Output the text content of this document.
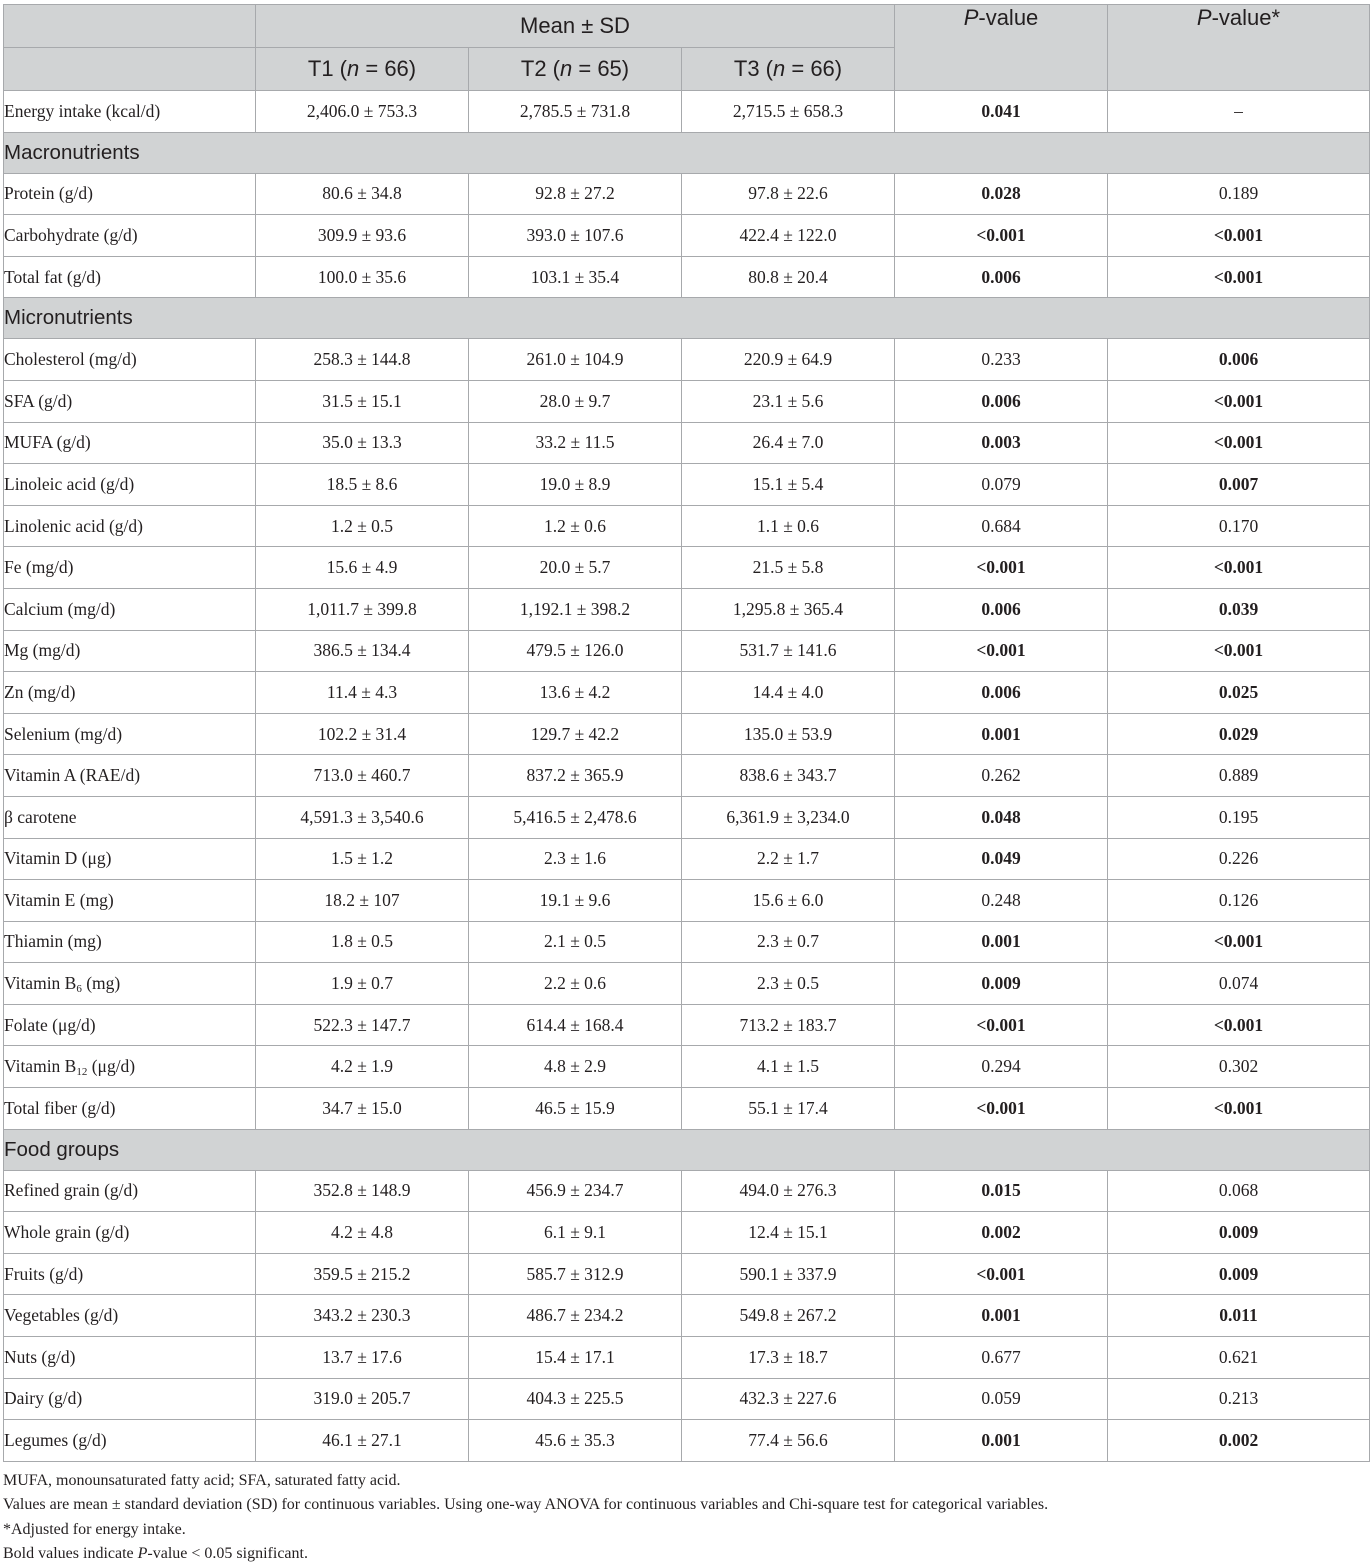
	Mean ± SD			P-value	P-value*
	T1 (n = 66)	T2 (n = 65)	T3 (n = 66)		
Energy intake (kcal/d)	2,406.0 ± 753.3	2,785.5 ± 731.8	2,715.5 ± 658.3	0.041	–
Macronutrients					
Protein (g/d)	80.6 ± 34.8	92.8 ± 27.2	97.8 ± 22.6	0.028	0.189
Carbohydrate (g/d)	309.9 ± 93.6	393.0 ± 107.6	422.4 ± 122.0	<0.001	<0.001
Total fat (g/d)	100.0 ± 35.6	103.1 ± 35.4	80.8 ± 20.4	0.006	<0.001
Micronutrients					
Cholesterol (mg/d)	258.3 ± 144.8	261.0 ± 104.9	220.9 ± 64.9	0.233	0.006
SFA (g/d)	31.5 ± 15.1	28.0 ± 9.7	23.1 ± 5.6	0.006	<0.001
MUFA (g/d)	35.0 ± 13.3	33.2 ± 11.5	26.4 ± 7.0	0.003	<0.001
Linoleic acid (g/d)	18.5 ± 8.6	19.0 ± 8.9	15.1 ± 5.4	0.079	0.007
Linolenic acid (g/d)	1.2 ± 0.5	1.2 ± 0.6	1.1 ± 0.6	0.684	0.170
Fe (mg/d)	15.6 ± 4.9	20.0 ± 5.7	21.5 ± 5.8	<0.001	<0.001
Calcium (mg/d)	1,011.7 ± 399.8	1,192.1 ± 398.2	1,295.8 ± 365.4	0.006	0.039
Mg (mg/d)	386.5 ± 134.4	479.5 ± 126.0	531.7 ± 141.6	<0.001	<0.001
Zn (mg/d)	11.4 ± 4.3	13.6 ± 4.2	14.4 ± 4.0	0.006	0.025
Selenium (mg/d)	102.2 ± 31.4	129.7 ± 42.2	135.0 ± 53.9	0.001	0.029
Vitamin A (RAE/d)	713.0 ± 460.7	837.2 ± 365.9	838.6 ± 343.7	0.262	0.889
β carotene	4,591.3 ± 3,540.6	5,416.5 ± 2,478.6	6,361.9 ± 3,234.0	0.048	0.195
Vitamin D (μg)	1.5 ± 1.2	2.3 ± 1.6	2.2 ± 1.7	0.049	0.226
Vitamin E (mg)	18.2 ± 107	19.1 ± 9.6	15.6 ± 6.0	0.248	0.126
Thiamin (mg)	1.8 ± 0.5	2.1 ± 0.5	2.3 ± 0.7	0.001	<0.001
Vitamin $B_6$ (mg)	1.9 ± 0.7	2.2 ± 0.6	2.3 ± 0.5	0.009	0.074
Folate (μg/d)	522.3 ± 147.7	614.4 ± 168.4	713.2 ± 183.7	<0.001	<0.001
Vitamin $B_{12}$ (μg/d)	4.2 ± 1.9	4.8 ± 2.9	4.1 ± 1.5	0.294	0.302
Total fiber (g/d)	34.7 ± 15.0	46.5 ± 15.9	55.1 ± 17.4	<0.001	<0.001
Food groups					
Refined grain (g/d)	352.8 ± 148.9	456.9 ± 234.7	494.0 ± 276.3	0.015	0.068
Whole grain (g/d)	4.2 ± 4.8	6.1 ± 9.1	12.4 ± 15.1	0.002	0.009
Fruits (g/d)	359.5 ± 215.2	585.7 ± 312.9	590.1 ± 337.9	<0.001	0.009
Vegetables (g/d)	343.2 ± 230.3	486.7 ± 234.2	549.8 ± 267.2	0.001	0.011
Nuts (g/d)	13.7 ± 17.6	15.4 ± 17.1	17.3 ± 18.7	0.677	0.621
Dairy (g/d)	319.0 ± 205.7	404.3 ± 225.5	432.3 ± 227.6	0.059	0.213
Legumes (g/d)	46.1 ± 27.1	45.6 ± 35.3	77.4 ± 56.6	0.001	0.002

MUFA, monounsaturated fatty acid; SFA, saturated fatty acid.

Values are mean ± standard deviation (SD) for continuous variables. Using one-way ANOVA for continuous variables and Chi-square test for categorical variables.

*Adjusted for energy intake.

Bold values indicate P-value < 0.05 significant.
